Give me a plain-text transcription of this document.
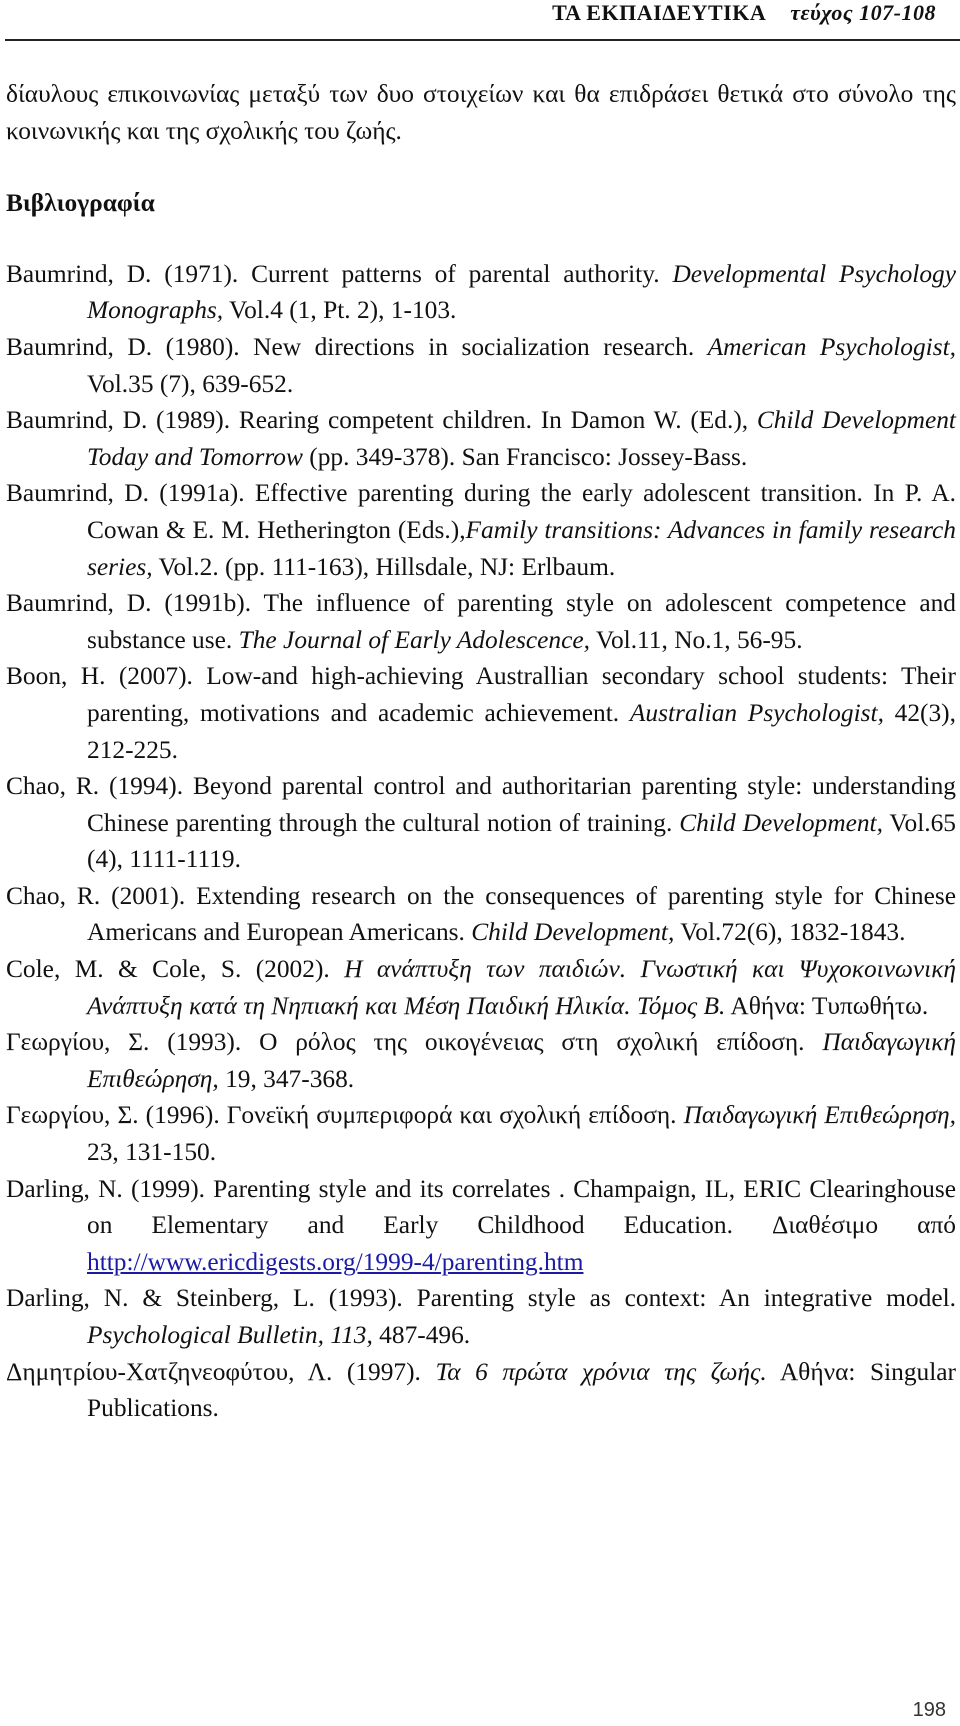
ΤΑ ΕΚΠΑΙΔΕΥΤΙΚΑ τεύχος 107-108

δίαυλους επικοινωνίας μεταξύ των δυο στοιχείων και θα επιδράσει θετικά στο σύνολο της κοινωνικής και της σχολικής του ζωής.

Βιβλιογραφία

Baumrind, D. (1971). Current patterns of parental authority. Developmental Psychology Monographs, Vol.4 (1, Pt. 2), 1-103.

Baumrind, D. (1980). New directions in socialization research. American Psychologist, Vol.35 (7), 639-652.

Baumrind, D. (1989). Rearing competent children. In Damon W. (Ed.), Child Development Today and Tomorrow (pp. 349-378). San Francisco: Jossey-Bass.

Baumrind, D. (1991a). Effective parenting during the early adolescent transition. In P. A. Cowan & E. M. Hetherington (Eds.),Family transitions: Advances in family research series, Vol.2. (pp. 111-163), Hillsdale, NJ: Erlbaum.

Baumrind, D. (1991b). The influence of parenting style on adolescent competence and substance use. The Journal of Early Adolescence, Vol.11, No.1, 56-95.

Boon, H. (2007). Low-and high-achieving Australlian secondary school students: Their parenting, motivations and academic achievement. Australian Psychologist, 42(3), 212-225.

Chao, R. (1994). Beyond parental control and authoritarian parenting style: understanding Chinese parenting through the cultural notion of training. Child Development, Vol.65 (4), 1111-1119.

Chao, R. (2001). Extending research on the consequences of parenting style for Chinese Americans and European Americans. Child Development, Vol.72(6), 1832-1843.

Cole, M. & Cole, S. (2002). Η ανάπτυξη των παιδιών. Γνωστική και Ψυχοκοινωνική Ανάπτυξη κατά τη Νηπιακή και Μέση Παιδική Ηλικία. Τόμος Β. Αθήνα: Τυπωθήτω.

Γεωργίου, Σ. (1993). Ο ρόλος της οικογένειας στη σχολική επίδοση. Παιδαγωγική Επιθεώρηση, 19, 347-368.

Γεωργίου, Σ. (1996). Γονεϊκή συμπεριφορά και σχολική επίδοση. Παιδαγωγική Επιθεώρηση, 23, 131-150.

Darling, N. (1999). Parenting style and its correlates . Champaign, IL, ERIC Clearinghouse on Elementary and Early Childhood Education. Διαθέσιμο από http://www.ericdigests.org/1999-4/parenting.htm

Darling, N. & Steinberg, L. (1993). Parenting style as context: An integrative model. Psychological Bulletin, 113, 487-496.

Δημητρίου-Χατζηνεοφύτου, Λ. (1997). Τα 6 πρώτα χρόνια της ζωής. Αθήνα: Singular Publications.

198
